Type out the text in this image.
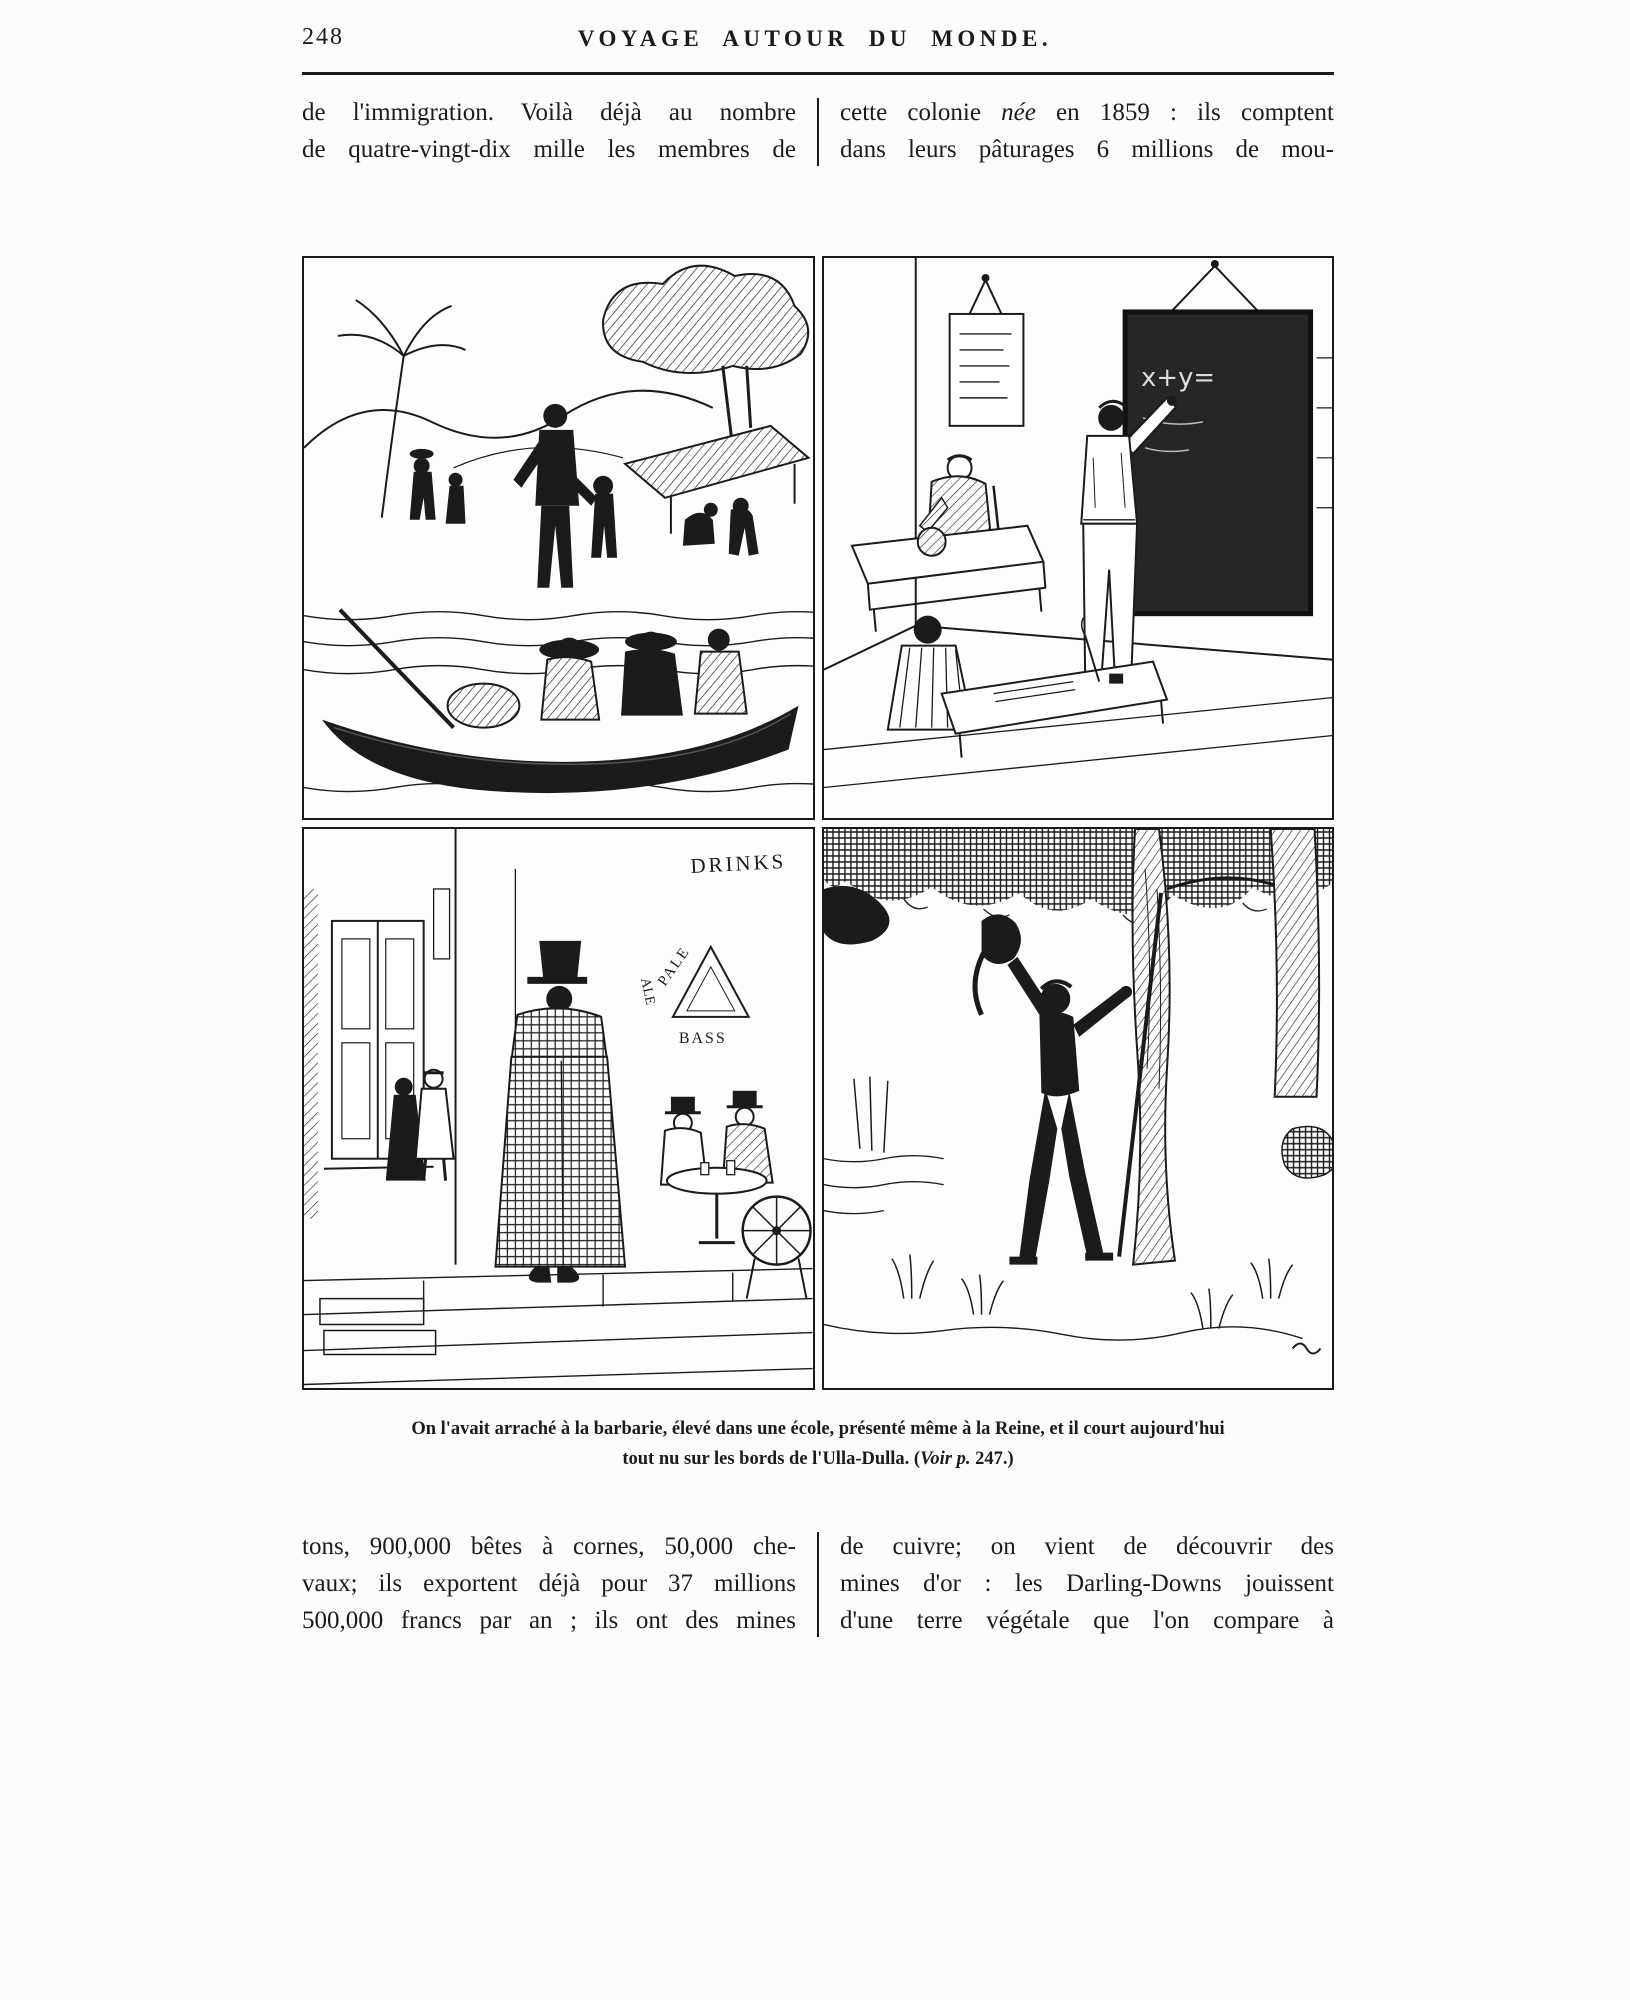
248	VOYAGE AUTOUR DU MONDE.
de l'immigration. Voilà déjà au nombre
de quatre-vingt-dix mille les membres de
cette colonie née en 1859 : ils comptent
dans leurs pâturages 6 millions de mou-
x+y=
DRINKS
ALE
PALE
BASS
On l'avait arraché à la barbarie, élevé dans une école, présenté même à la Reine, et il court aujourd'hui
tout nu sur les bords de l'Ulla-Dulla. (Voir p. 247.)
tons, 900,000 bêtes à cornes, 50,000 che-
vaux; ils exportent déjà pour 37 millions
500,000 francs par an ; ils ont des mines
de cuivre; on vient de découvrir des
mines d'or : les Darling-Downs jouissent
d'une terre végétale que l'on compare à
